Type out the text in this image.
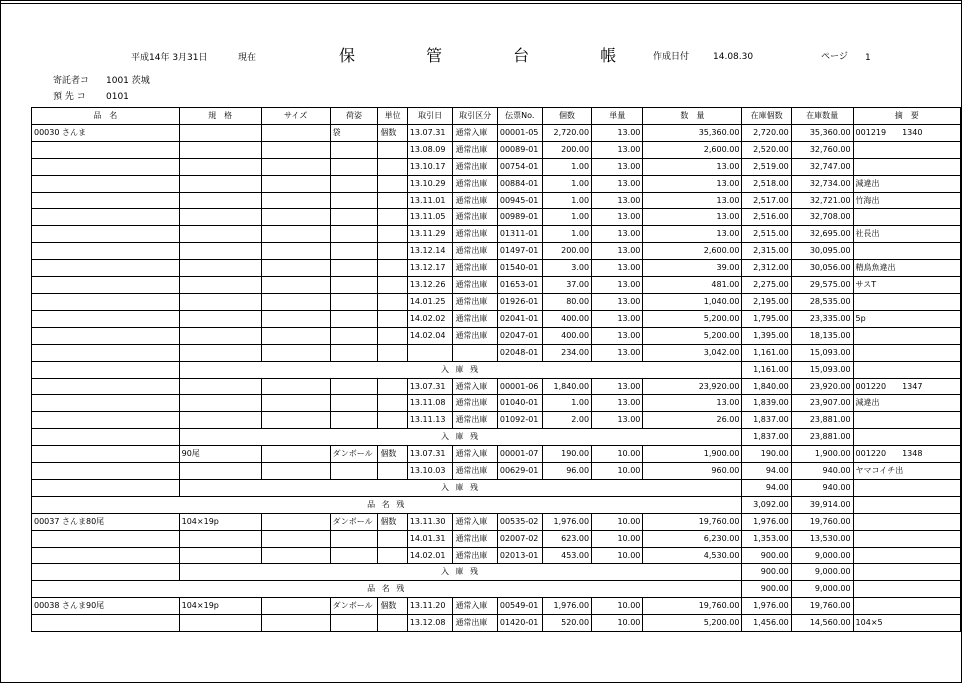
平成14年 3月31日	現在	保 管 台 帳 作成日付	14.08.30	ページ 1
寄託者コ 1001 茨城
預 先 コ 0101
品　名	規　格	サイズ	荷姿	単位	取引日	取引区分	伝票No.	個数	単量	数　量	在庫個数	在庫数量	摘　要
00030 さんま			袋	個数	13.07.31	通常入庫	00001-05	2,720.00	13.00	35,360.00	2,720.00	35,360.00	001219　　1340
					13.08.09	通常出庫	00089-01	200.00	13.00	2,600.00	2,520.00	32,760.00	
					13.10.17	通常出庫	00754-01	1.00	13.00	13.00	2,519.00	32,747.00	
					13.10.29	通常出庫	00884-01	1.00	13.00	13.00	2,518.00	32,734.00	減違出
					13.11.01	通常出庫	00945-01	1.00	13.00	13.00	2,517.00	32,721.00	竹海出
					13.11.05	通常出庫	00989-01	1.00	13.00	13.00	2,516.00	32,708.00	
					13.11.29	通常出庫	01311-01	1.00	13.00	13.00	2,515.00	32,695.00	社長出
					13.12.14	通常出庫	01497-01	200.00	13.00	2,600.00	2,315.00	30,095.00	
					13.12.17	通常出庫	01540-01	3.00	13.00	39.00	2,312.00	30,056.00	精鳥魚違出
					13.12.26	通常出庫	01653-01	37.00	13.00	481.00	2,275.00	29,575.00	サスT
					14.01.25	通常出庫	01926-01	80.00	13.00	1,040.00	2,195.00	28,535.00	
					14.02.02	通常出庫	02041-01	400.00	13.00	5,200.00	1,795.00	23,335.00	5p
					14.02.04	通常出庫	02047-01	400.00	13.00	5,200.00	1,395.00	18,135.00	
							02048-01	234.00	13.00	3,042.00	1,161.00	15,093.00	
	入 庫 残										1,161.00	15,093.00	
					13.07.31	通常入庫	00001-06	1,840.00	13.00	23,920.00	1,840.00	23,920.00	001220　　1347
					13.11.08	通常出庫	01040-01	1.00	13.00	13.00	1,839.00	23,907.00	減違出
					13.11.13	通常出庫	01092-01	2.00	13.00	26.00	1,837.00	23,881.00	
	入 庫 残										1,837.00	23,881.00	
	90尾		ダンボール	個数	13.07.31	通常入庫	00001-07	190.00	10.00	1,900.00	190.00	1,900.00	001220　　1348
					13.10.03	通常出庫	00629-01	96.00	10.00	960.00	94.00	940.00	ヤマコイチ出
	入 庫 残										94.00	940.00	
品 名 残											3,092.00	39,914.00	
00037 さんま80尾	104×19p		ダンボール	個数	13.11.30	通常入庫	00535-02	1,976.00	10.00	19,760.00	1,976.00	19,760.00	
					14.01.31	通常出庫	02007-02	623.00	10.00	6,230.00	1,353.00	13,530.00	
					14.02.01	通常出庫	02013-01	453.00	10.00	4,530.00	900.00	9,000.00	
	入 庫 残										900.00	9,000.00	
品 名 残											900.00	9,000.00	
00038 さんま90尾	104×19p		ダンボール	個数	13.11.20	通常入庫	00549-01	1,976.00	10.00	19,760.00	1,976.00	19,760.00	
					13.12.08	通常出庫	01420-01	520.00	10.00	5,200.00	1,456.00	14,560.00	104×5
